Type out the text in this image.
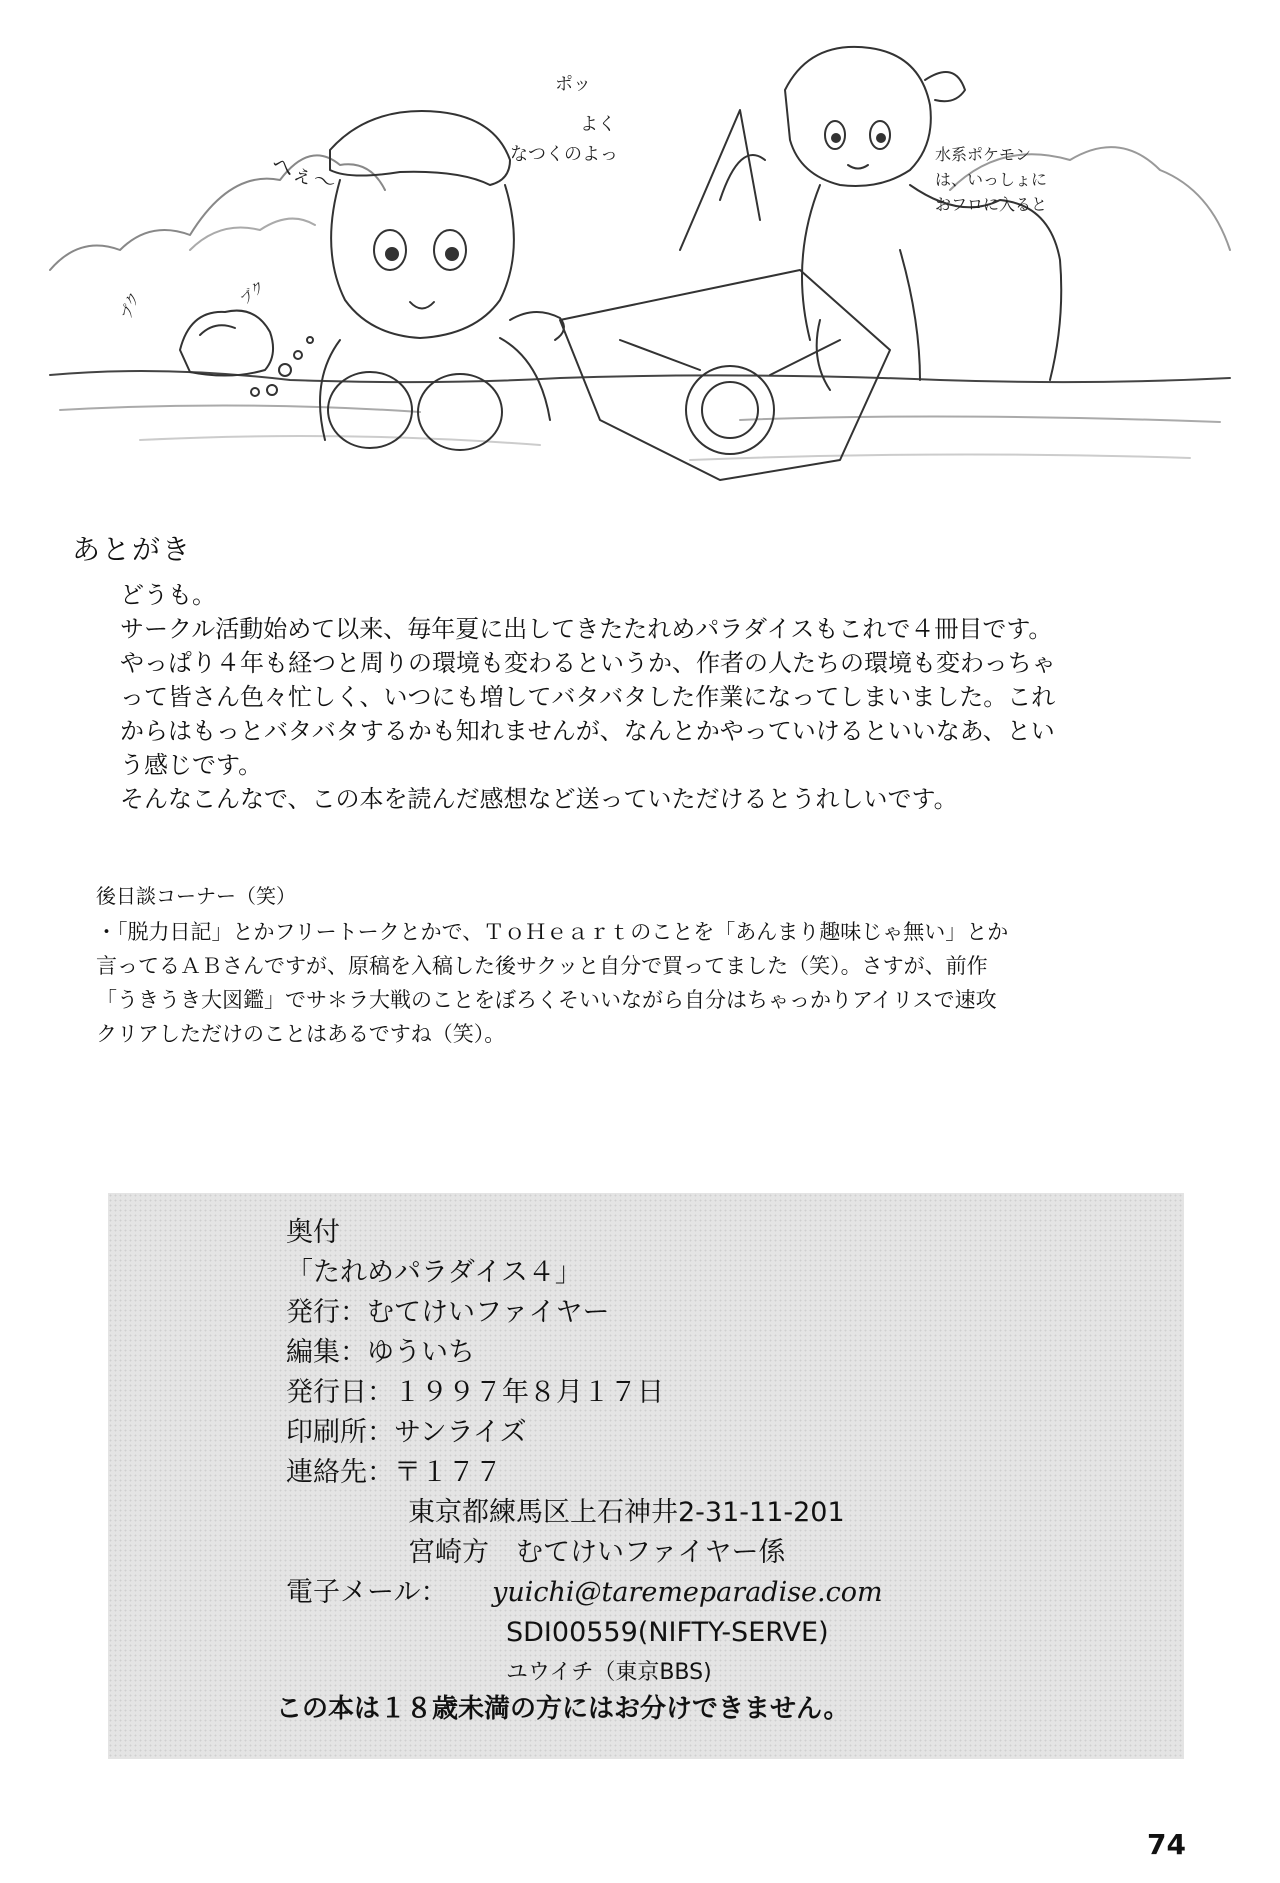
へぇ〜
プク	ブク
ポッ
よく
なつくのよっ	水系ポケモン
は、いっしょに
おフロに入ると
あとがき

どうも。

サークル活動始めて以来、毎年夏に出してきたたれめパラダイスもこれで４冊目です。

やっぱり４年も経つと周りの環境も変わるというか、作者の人たちの環境も変わっちゃ

って皆さん色々忙しく、いつにも増してバタバタした作業になってしまいました。これ

からはもっとバタバタするかも知れませんが、なんとかやっていけるといいなあ、とい

う感じです。

そんなこんなで、この本を読んだ感想など送っていただけるとうれしいです。

後日談コーナー（笑）

・「脱力日記」とかフリートークとかで、ＴｏＨｅａｒｔのことを「あんまり趣味じゃ無い」とか

言ってるＡＢさんですが、原稿を入稿した後サクッと自分で買ってました（笑）。さすが、前作

「うきうき大図鑑」でサ＊ラ大戦のことをぼろくそいいながら自分はちゃっかりアイリスで速攻

クリアしただけのことはあるですね（笑）。

奥付
「たれめパラダイス４」
発行：むてけいファイヤー
編集：ゆういち
発行日：１９９７年８月１７日
印刷所：サンライズ
連絡先：〒１７７
東京都練馬区上石神井2-31-11-201
宮崎方　むてけいファイヤー係
電子メール： yuichi@taremeparadise.com
SDI00559(NIFTY-SERVE)
ユウイチ（東京BBS)
この本は１８歳未満の方にはお分けできません。
74
